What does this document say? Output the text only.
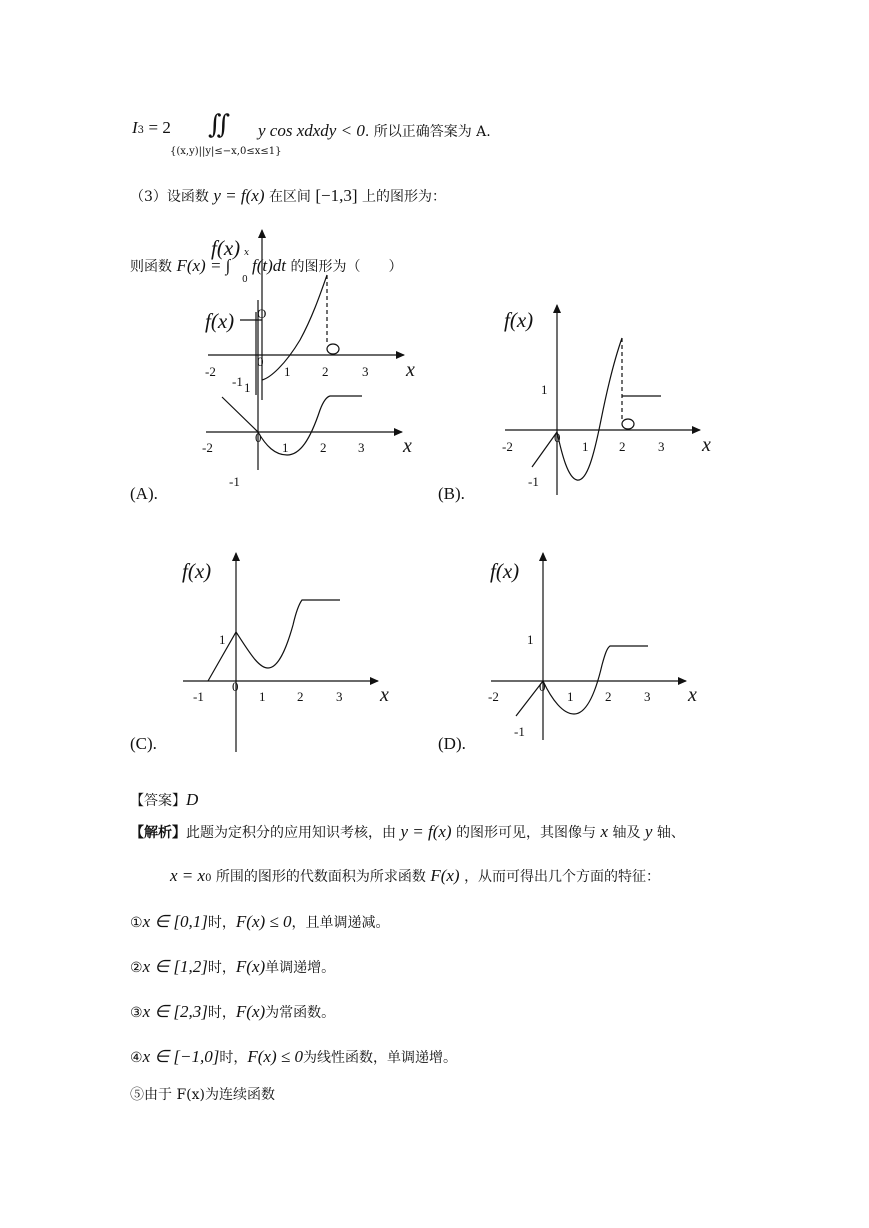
I3 = 2 ∬
{(x,y)||y|≤−x,0≤x≤1}
y cos xdxdy < 0. 所以正确答案为 A.
（3）设函数 y = f(x) 在区间 [−1,3] 上的图形为：
则函数 F(x) = ∫
0
x
f(t)dt 的图形为（　　）
f(x)
f(x) O
0
-2	1 2	3 x
-1 1
0
-2	1 2 3 x
-1
f(x)
1
0
-2	1 2	3 x
-1
f(x)
1
0
-1	1 2	3 x
f(x)
1
0
-2	1 2	3 x
-1
(A).	(B).
(C).	(D).
【答案】D
【解析】此题为定积分的应用知识考核，由 y = f(x) 的图形可见，其图像与 x 轴及 y 轴、
x = x0 所围的图形的代数面积为所求函数 F(x) ，从而可得出几个方面的特征：
①x ∈ [0,1]时，F(x) ≤ 0，且单调递减。
②x ∈ [1,2]时，F(x)单调递增。
③x ∈ [2,3]时，F(x)为常函数。
④x ∈ [−1,0]时，F(x) ≤ 0为线性函数，单调递增。
⑤由于 F(x)为连续函数
